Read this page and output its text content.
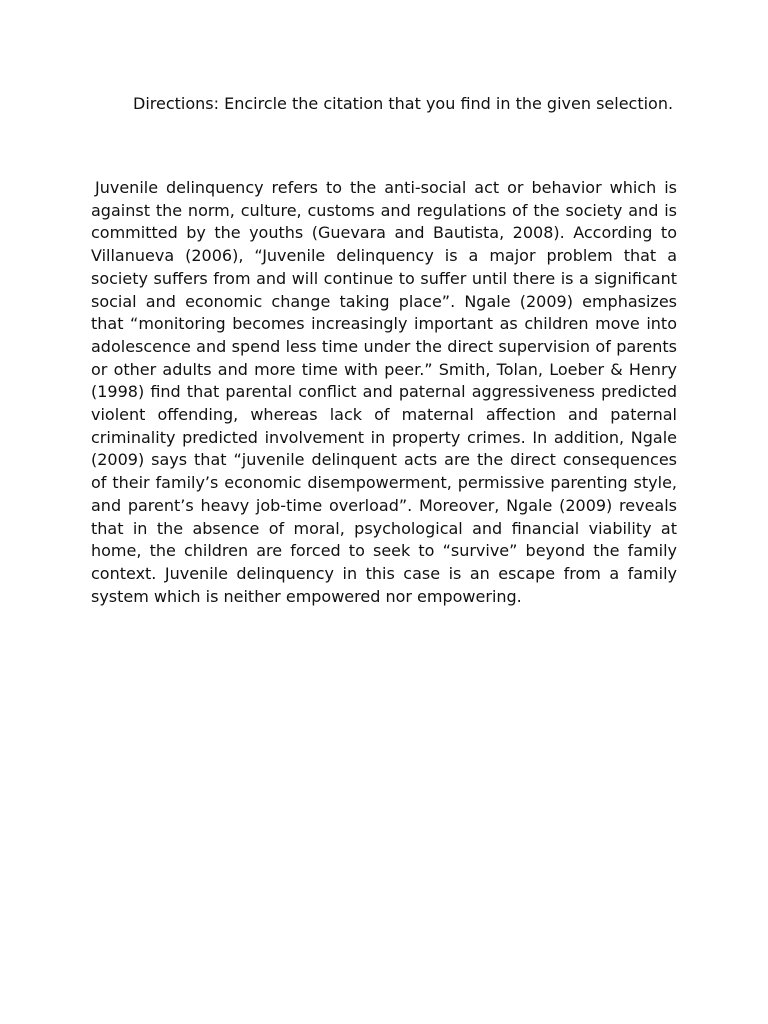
Directions: Encircle the citation that you find in the given selection.

Juvenile delinquency refers to the anti-social act or behavior which is against the norm, culture, customs and regulations of the society and is committed by the youths (Guevara and Bautista, 2008). According to Villanueva (2006), “Juvenile delinquency is a major problem that a society suffers from and will continue to suffer until there is a significant social and economic change taking place”. Ngale (2009) emphasizes that “monitoring becomes increasingly important as children move into adolescence and spend less time under the direct supervision of parents or other adults and more time with peer.” Smith, Tolan, Loeber & Henry (1998) find that parental conflict and paternal aggressiveness predicted violent offending, whereas lack of maternal affection and paternal criminality predicted involvement in property crimes. In addition, Ngale (2009) says that “juvenile delinquent acts are the direct consequences of their family’s economic disempowerment, permissive parenting style, and parent’s heavy job-time overload”. Moreover, Ngale (2009) reveals that in the absence of moral, psychological and financial viability at home, the children are forced to seek to “survive” beyond the family context. Juvenile delinquency in this case is an escape from a family system which is neither empowered nor empowering.
